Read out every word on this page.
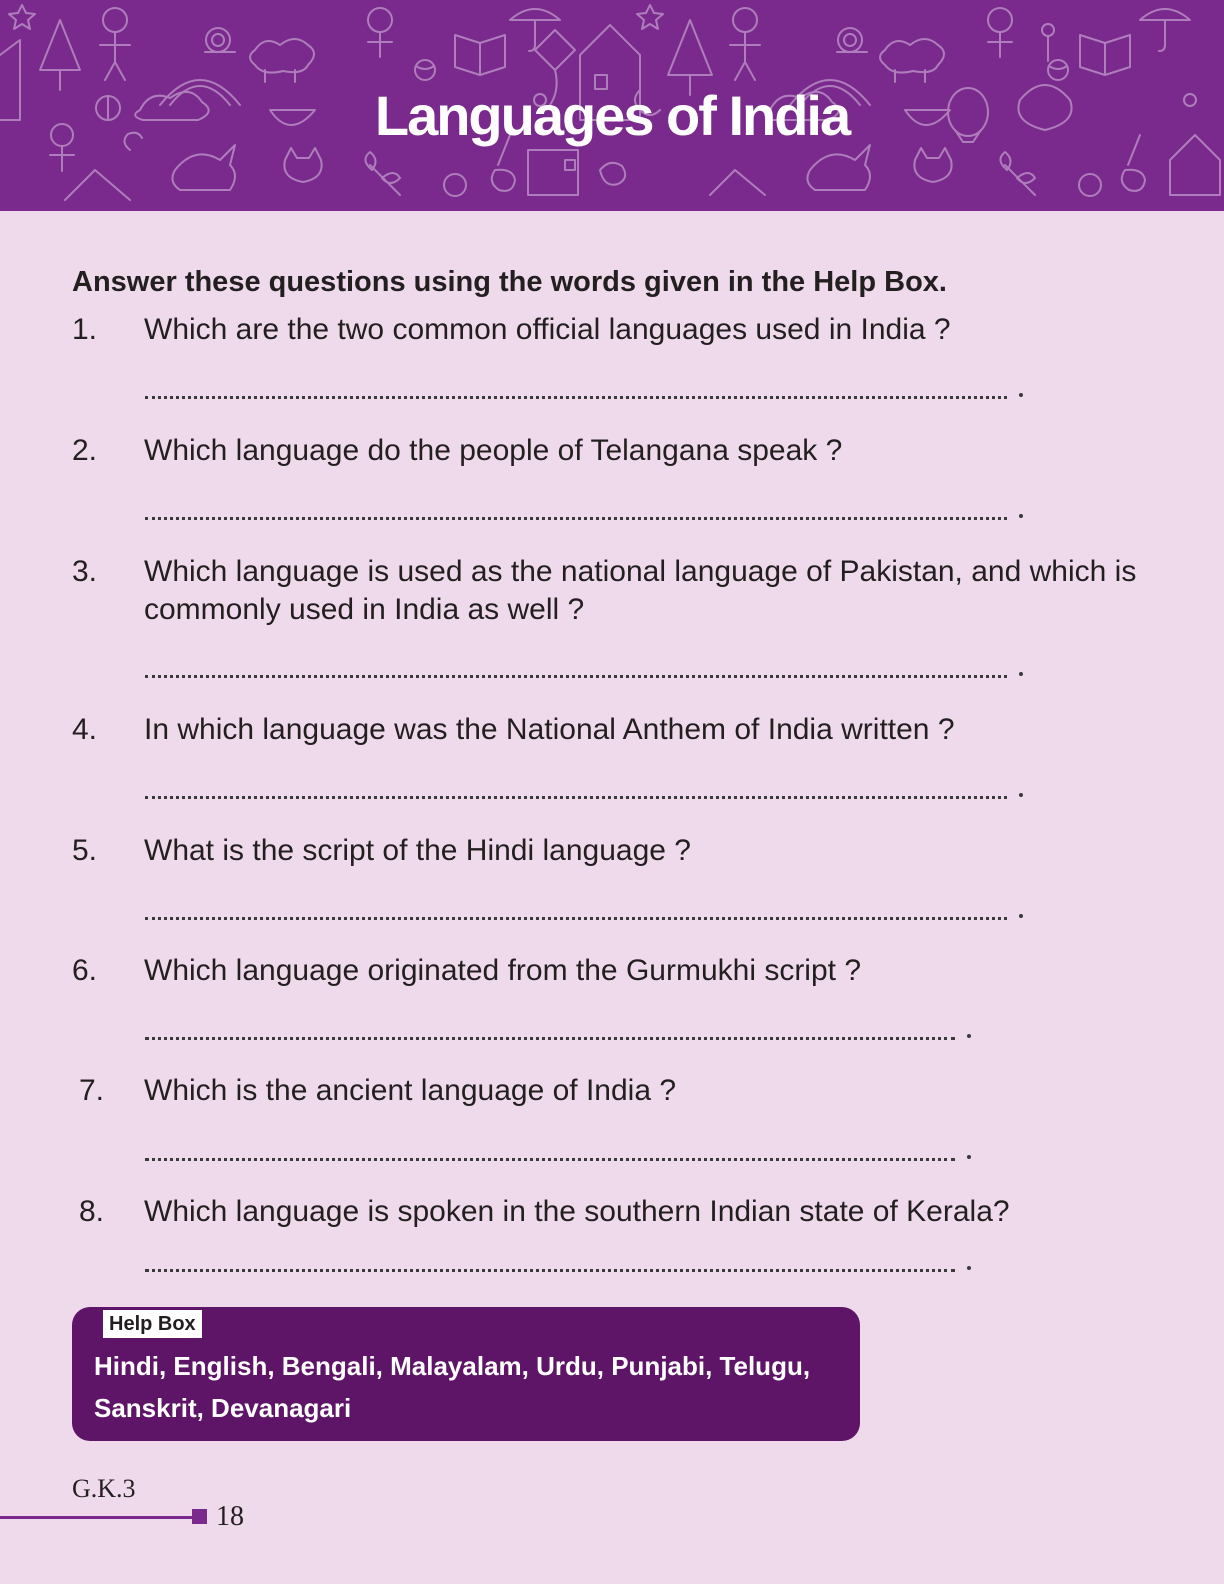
Languages of India

Answer these questions using the words given in the Help Box.

1. Which are the two common official languages used in India ?
2. Which language do the people of Telangana speak ?
3. Which language is used as the national language of Pakistan, and which is commonly used in India as well ?
4. In which language was the National Anthem of India written ?
5. What is the script of the Hindi language ?
6. Which language originated from the Gurmukhi script ?
7. Which is the ancient language of India ?
8. Which language is spoken in the southern Indian state of Kerala?
Help Box
Hindi, English, Bengali, Malayalam, Urdu, Punjabi, Telugu, Sanskrit, Devanagari
G.K.3
18
